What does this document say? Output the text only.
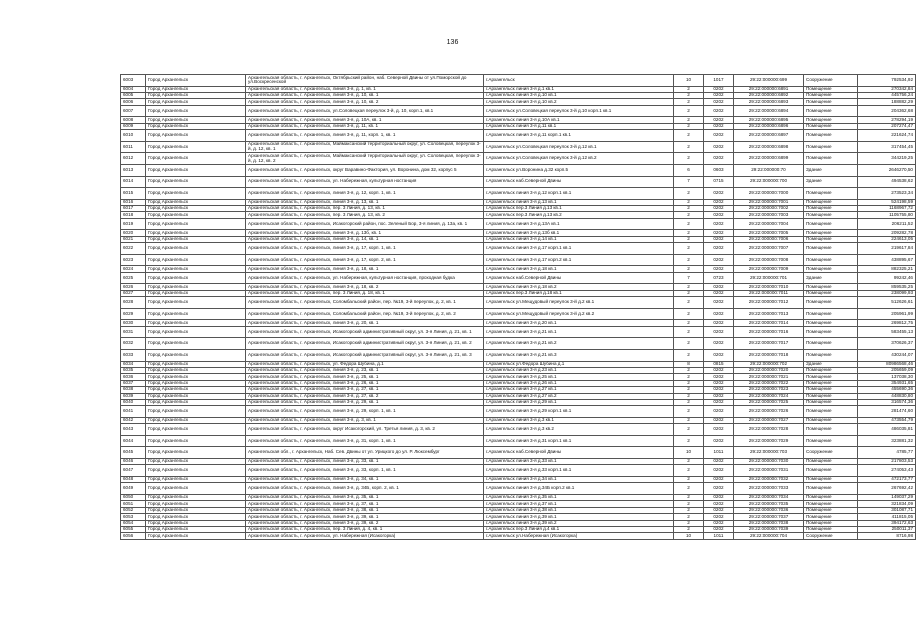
136
6003	Город Архангельск	Архангельская область, г. Архангельск, Октябрьский район, наб. Северной Двины от ул.Поморской до ул.Воскресенской	г.Архангельск	10	1017	29:22:000000:699	Сооружение	792534,92
6004	Город Архангельск	Архангельская область, г. Архангельск, линия 3-я, д. 1, кв. 1	г.Архангельск линия 3-я д.1 кв.1	2	0202	29:22:000000:6891	Помещение	270342,84
6005	Город Архангельск	Архангельская область, г. Архангельск, линия 3-я, д. 10, кв. 1	г.Архангельск линия 3-я д.10 кв.1	2	0202	29:22:000000:6892	Помещение	445756,24
6006	Город Архангельск	Архангельская область, г. Архангельск, линия 3-я, д. 10, кв. 2	г.Архангельск линия 3-я д.10 кв.2	2	0202	29:22:000000:6893	Помещение	188882,29
6007	Город Архангельск	Архангельская область, г. Архангельск, ул.Соловецкая переулок 3-й, д. 10, корп.1, кв.1	г.Архангельск ул.Соловецкая переулок 3-й д.10 корп.1 кв.1	2	0202	29:22:000000:6894	Помещение	204362,68
6008	Город Архангельск	Архангельская область, г. Архангельск, линия 3-я, д. 10А, кв. 1	г.Архангельск линия 3-я д.10А кв.1	2	0202	29:22:000000:6895	Помещение	278294,19
6009	Город Архангельск	Архангельская область, г. Архангельск, линия 3-я, д. 11, кв. 1	г.Архангельск линия 3-я д.11 кв.1	2	0202	29:22:000000:6896	Помещение	207274,47
6010	Город Архангельск	Архангельская область, г. Архангельск, линия 3-я, д. 11, корп. 1, кв. 1	г.Архангельск линия 3-я д.11 корп.1 кв.1	2	0202	29:22:000000:6897	Помещение	221624,74
6011	Город Архангельск	Архангельская область, г. Архангельск, Маймаксанский территориальный округ, ул. Соловецкая, переулок 3-й, д. 12, кв. 1	г.Архангельск ул.Соловецкая переулок 3-й д.12 кв.1	2	0202	29:22:000000:6898	Помещение	317454,45
6012	Город Архангельск	Архангельская область, г. Архангельск, Маймаксанский территориальный округ, ул. Соловецкая, переулок 3-й, д. 12, кв. 2	г.Архангельск ул.Соловецкая переулок 3-й д.12 кв.2	2	0202	29:22:000000:6899	Помещение	344219,25
6013	Город Архангельск	Архангельская область, г. Архангельск, округ Варавино-Фактория, ул. Воронина, дом 32, корпус 5	г.Архангельск ул.Воронина д.32 корп.5	6	0603	29:22:000000:70	Здание	2646270,50
6014	Город Архангельск	Архангельская область, г. Архангельск, ул. Набережная, культурная ностанция	г.Архангельск наб.Северной Двины	7	0715	29:22:000000:700	Здание	494538,62
6015	Город Архангельск	Архангельская область, г. Архангельск, линия 3-я, д. 12, корп. 1, кв. 1	г.Архангельск линия 3-я д.12 корп.1 кв.1	2	0202	29:22:000000:7000	Помещение	273523,34
6016	Город Архангельск	Архангельская область, г. Архангельск, линия 3-я, д. 13, кв. 1	г.Архангельск линия 3-я д.13 кв.1	2	0202	29:22:000000:7001	Помещение	524198,59
6017	Город Архангельск	Архангельская область, г. Архангельск, пер. 3 Линия, д. 13, кв. 1	г.Архангельск пер.3 Линия д.13 кв.1	2	0202	29:22:000000:7002	Помещение	1168967,72
6018	Город Архангельск	Архангельская область, г. Архангельск, пер. 3 Линия, д. 13, кв. 2	г.Архангельск пер.3 Линия д.13 кв.2	2	0202	29:22:000000:7003	Помещение	1105755,80
6019	Город Архангельск	Архангельская область, г. Архангельск, Исакогорский район, пос. Зеленый Бор, 3-я линия, д. 13а, кв. 1	г.Архангельск линия 3-я д.13А кв.1	2	0202	29:22:000000:7004	Помещение	206211,52
6020	Город Архангельск	Архангельская область, г. Архангельск, линия 3-я, д. 13б, кв. 1	г.Архангельск линия 3-я д.13б кв.1	2	0202	29:22:000000:7005	Помещение	209282,78
6021	Город Архангельск	Архангельская область, г. Архангельск, линия 3-я, д. 14, кв. 1	г.Архангельск линия 3-я д.14 кв.1	2	0202	29:22:000000:7006	Помещение	224613,05
6022	Город Архангельск	Архангельская область, г. Архангельск, линия 3-я, д. 17, корп. 1, кв. 1	г.Архангельск линия 3-я д.17 корп.1 кв.1	2	0202	29:22:000000:7007	Помещение	219617,84
6023	Город Архангельск	Архангельская область, г. Архангельск, линия 3-я, д. 17, корп. 2, кв. 1	г.Архангельск линия 3-я д.17 корп.2 кв.1	2	0202	29:22:000000:7008	Помещение	438895,67
6024	Город Архангельск	Архангельская область, г. Архангельск, линия 3-я, д. 18, кв. 1	г.Архангельск линия 3-я д.18 кв.1	2	0202	29:22:000000:7009	Помещение	882325,21
6025	Город Архангельск	Архангельская область, г. Архангельск, ул. Набережная, культурная ностанция, проходная будка	г.Архангельск наб.Северной Двины	7	0723	29:22:000000:701	Здание	99242,46
6026	Город Архангельск	Архангельская область, г. Архангельск, линия 3-я, д. 18, кв. 2	г.Архангельск линия 3-я д.18 кв.2	2	0202	29:22:000000:7010	Помещение	859535,25
6027	Город Архангельск	Архангельская область, г. Архангельск, пер. 3 Линия, д. 18, кв. 1	г.Архангельск пер.3 Линия д.18 кв.1	2	0202	29:22:000000:7011	Помещение	238099,93
6028	Город Архангельск	Архангельская область, г. Архангельск, Соломбальский район, пер. №19, 3-й переулок, д. 2, кв. 1	г.Архангельск ул.Мещудовый переулок 3-й д.2 кв.1	2	0202	29:22:000000:7012	Помещение	512626,61
6029	Город Архангельск	Архангельская область, г. Архангельск, Соломбальский район, пер. №19, 3-й переулок, д. 2, кв. 2	г.Архангельск ул.Мещудовый переулок 3-й д.2 кв.2	2	0202	29:22:000000:7013	Помещение	205961,99
6030	Город Архангельск	Архангельская область, г. Архангельск, линия 3-я, д. 20, кв. 1	г.Архангельск линия 3-я д.20 кв.1	2	0202	29:22:000000:7014	Помещение	269812,75
6031	Город Архангельск	Архангельская область, г. Архангельск, Исакогорский административный округ, ул. 3-я Линия, д. 21, кв. 1	г.Архангельск линия 3-я д.21 кв.1	2	0202	29:22:000000:7016	Помещение	583455,13
6032	Город Архангельск	Архангельская область, г. Архангельск, Исакогорский административный округ, ул. 3-я Линия, д. 21, кв. 2	г.Архангельск линия 3-я д.21 кв.2	2	0202	29:22:000000:7017	Помещение	370626,37
6033	Город Архангельск	Архангельская область, г. Архангельск, Исакогорский административный округ, ул. 3-я Линия, д. 21, кв. 3	г.Архангельск линия 3-я д.21 кв.3	2	0202	29:22:000000:7018	Помещение	430244,07
6034	Город Архангельск	Архангельская область, г. Архангельск, ул. Федора Шубина, д.1	г.Архангельск ул.Федора Шубина д.1	8	0815	29:22:000000:702	Здание	80986568,46
6035	Город Архангельск	Архангельская область, г. Архангельск, линия 3-я, д. 23, кв. 1	г.Архангельск линия 3-я д.23 кв.1	2	0202	29:22:000000:7020	Помещение	205659,09
6036	Город Архангельск	Архангельская область, г. Архангельск, линия 3-я, д. 25, кв. 1	г.Архангельск линия 3-я д.25 кв.1	2	0202	29:22:000000:7021	Помещение	137038,30
6037	Город Архангельск	Архангельская область, г. Архангельск, линия 3-я, д. 26, кв. 1	г.Архангельск линия 3-я д.26 кв.1	2	0202	29:22:000000:7022	Помещение	354931,65
6038	Город Архангельск	Архангельская область, г. Архангельск, линия 3-я, д. 27, кв. 1	г.Архангельск линия 3-я д.27 кв.1	2	0202	29:22:000000:7023	Помещение	455690,36
6039	Город Архангельск	Архангельская область, г. Архангельск, линия 3-я, д. 27, кв. 2	г.Архангельск линия 3-я д.27 кв.2	2	0202	29:22:000000:7024	Помещение	448830,80
6040	Город Архангельск	Архангельская область, г. Архангельск, линия 3-я, д. 29, кв. 1	г.Архангельск линия 3-я д.29 кв.1	2	0202	29:22:000000:7025	Помещение	316574,36
6041	Город Архангельск	Архангельская область, г. Архангельск, линия 3-я, д. 29, корп. 1, кв. 1	г.Архангельск линия 3-я д.29 корп.1 кв.1	2	0202	29:22:000000:7026	Помещение	281474,60
6042	Город Архангельск	Архангельская область, г. Архангельск, линия 3-я, д. 3, кв. 1	г.Архангельск линия 3-я д.3 кв.1	2	0202	29:22:000000:7027	Помещение	473554,79
6043	Город Архангельск	Архангельская область, г. Архангельск, округ Исакогорский, ул. Третья линия, д. 3, кв. 2	г.Архангельск линия 3-я д.3 кв.2	2	0202	29:22:000000:7028	Помещение	486035,81
6044	Город Архангельск	Архангельская область, г. Архангельск, линия 3-я, д. 31, корп. 1, кв. 1	г.Архангельск линия 3-я д.31 корп.1 кв.1	2	0202	29:22:000000:7029	Помещение	323881,32
6045	Город Архангельск	Архангельская обл., г. Архангельск, Наб. Сев. Двины от ул. Урицкого до ул. Р. Люксембург	г.Архангельск наб.Северной Двины	10	1011	29:22:000000:703	Сооружение	4785,77
6046	Город Архангельск	Архангельская область, г. Архангельск, линия 3-я, д. 33, кв. 1	г.Архангельск линия 3-я д.33 кв.1	2	0202	29:22:000000:7030	Помещение	217803,53
6047	Город Архангельск	Архангельская область, г. Архангельск, линия 3-я, д. 33, корп. 1, кв. 1	г.Архангельск линия 3-я д.33 корп.1 кв.1	2	0202	29:22:000000:7031	Помещение	274053,43
6048	Город Архангельск	Архангельская область, г. Архангельск, линия 3-я, д. 34, кв. 1	г.Архангельск линия 3-я д.34 кв.1	2	0202	29:22:000000:7032	Помещение	472173,77
6049	Город Архангельск	Архангельская область, г. Архангельск, линия 3-я, д. 34Б, корп. 2, кв. 1	г.Архангельск линия 3-я д.34Б корп.2 кв.1	2	0202	29:22:000000:7033	Помещение	267692,42
6050	Город Архангельск	Архангельская область, г. Архангельск, линия 3-я, д. 35, кв. 1	г.Архангельск линия 3-я д.35 кв.1	2	0202	29:22:000000:7034	Помещение	149037,29
6051	Город Архангельск	Архангельская область, г. Архангельск, линия 3-я, д. 37, кв. 1	г.Архангельск линия 3-я д.37 кв.1	2	0202	29:22:000000:7035	Помещение	321834,09
6052	Город Архангельск	Архангельская область, г. Архангельск, линия 3-я, д. 38, кв. 1	г.Архангельск линия 3-я д.38 кв.1	2	0202	29:22:000000:7036	Помещение	301087,71
6053	Город Архангельск	Архангельская область, г. Архангельск, линия 3-я, д. 39, кв. 1	г.Архангельск линия 3-я д.39 кв.1	2	0202	29:22:000000:7037	Помещение	411815,05
6054	Город Архангельск	Архангельская область, г. Архангельск, линия 3-я, д. 39, кв. 2	г.Архангельск линия 3-я д.39 кв.2	2	0202	29:22:000000:7038	Помещение	394172,63
6055	Город Архангельск	Архангельская область, г. Архангельск, пер. 3 Линия, д. 4, кв. 1	г.Архангельск пер.3 Линия д.4 кв.1	2	0202	29:22:000000:7039	Помещение	250011,37
6056	Город Архангельск	Архангельская область, г. Архангельск, ул. Набережная (Исакогорка)	г.Архангельск ул.Набережная (Исакогорка)	10	1011	29:22:000000:704	Сооружение	8716,98
